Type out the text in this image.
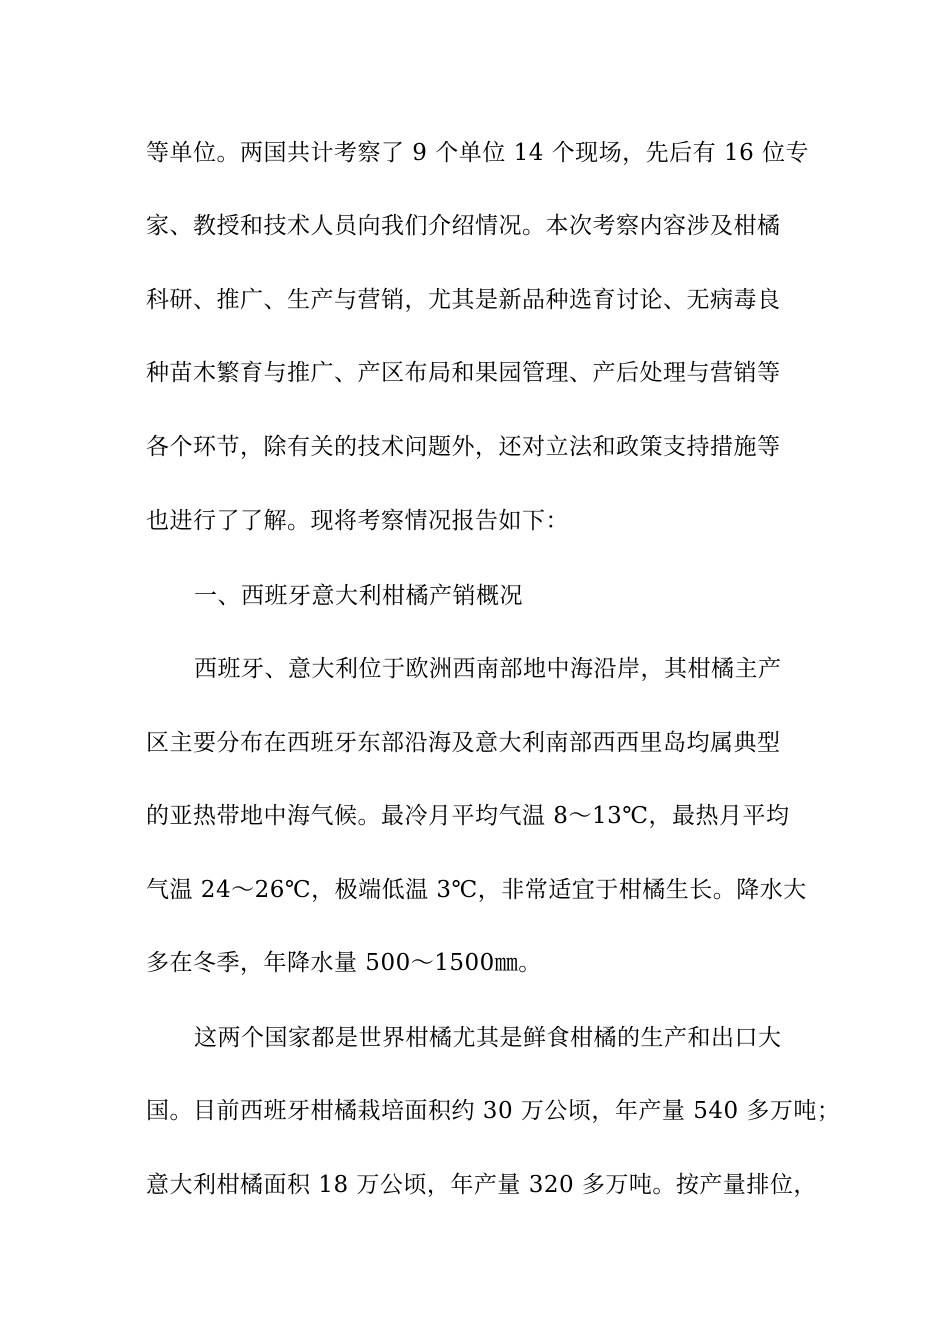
等单位。两国共计考察了 9 个单位 14 个现场，先后有 16 位专
家、教授和技术人员向我们介绍情况。本次考察内容涉及柑橘
科研、推广、生产与营销，尤其是新品种选育讨论、无病毒良
种苗木繁育与推广、产区布局和果园管理、产后处理与营销等
各个环节，除有关的技术问题外，还对立法和政策支持措施等
也进行了了解。现将考察情况报告如下：
一、西班牙意大利柑橘产销概况
西班牙、意大利位于欧洲西南部地中海沿岸，其柑橘主产
区主要分布在西班牙东部沿海及意大利南部西西里岛均属典型
的亚热带地中海气候。最冷月平均气温 8～13℃，最热月平均
气温 24～26℃，极端低温 3℃，非常适宜于柑橘生长。降水大
多在冬季，年降水量 500～1500㎜。
这两个国家都是世界柑橘尤其是鲜食柑橘的生产和出口大
国。目前西班牙柑橘栽培面积约 30 万公顷，年产量 540 多万吨；
意大利柑橘面积 18 万公顷，年产量 320 多万吨。按产量排位，
